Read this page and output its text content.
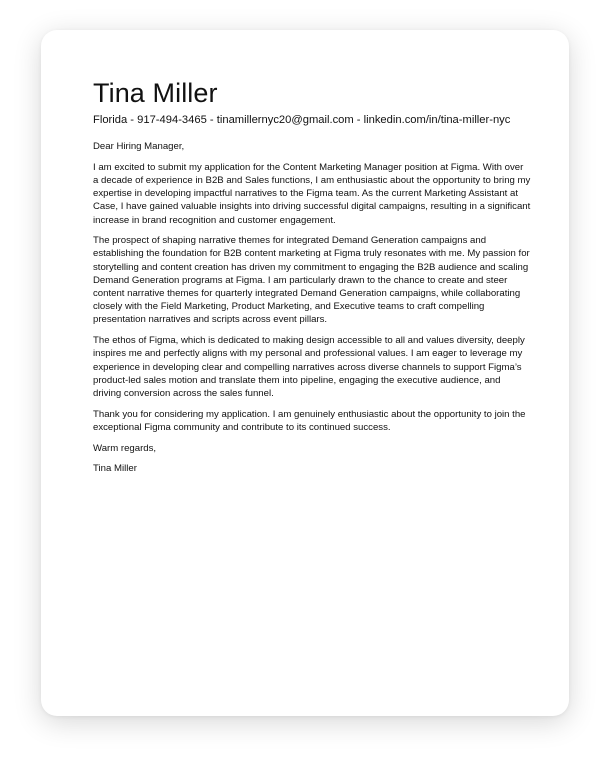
Tina Miller
Florida - 917-494-3465 - tinamillernyc20@gmail.com - linkedin.com/in/tina-miller-nyc

Dear Hiring Manager,

I am excited to submit my application for the Content Marketing Manager position at Figma. With over a decade of experience in B2B and Sales functions, I am enthusiastic about the opportunity to bring my expertise in developing impactful narratives to the Figma team. As the current Marketing Assistant at Case, I have gained valuable insights into driving successful digital campaigns, resulting in a significant increase in brand recognition and customer engagement.

The prospect of shaping narrative themes for integrated Demand Generation campaigns and establishing the foundation for B2B content marketing at Figma truly resonates with me. My passion for storytelling and content creation has driven my commitment to engaging the B2B audience and scaling Demand Generation programs at Figma. I am particularly drawn to the chance to create and steer content narrative themes for quarterly integrated Demand Generation campaigns, while collaborating closely with the Field Marketing, Product Marketing, and Executive teams to craft compelling presentation narratives and scripts across event pillars.

The ethos of Figma, which is dedicated to making design accessible to all and values diversity, deeply inspires me and perfectly aligns with my personal and professional values. I am eager to leverage my experience in developing clear and compelling narratives across diverse channels to support Figma’s product-led sales motion and translate them into pipeline, engaging the executive audience, and driving conversion across the sales funnel.

Thank you for considering my application. I am genuinely enthusiastic about the opportunity to join the exceptional Figma community and contribute to its continued success.

Warm regards,

Tina Miller
